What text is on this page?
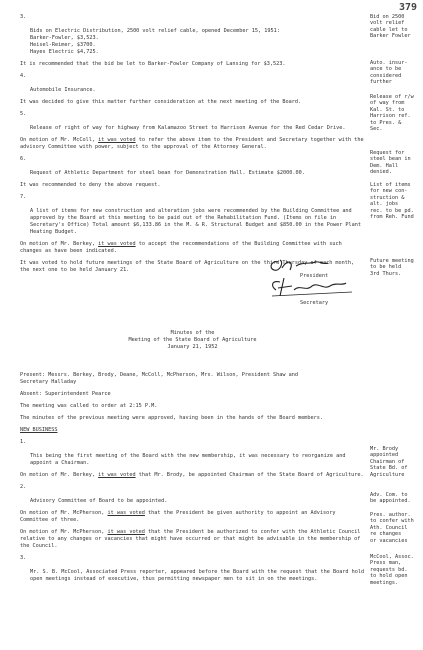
379

3.

Bids on Electric Distribution, 2500 volt relief cable, opened December 15, 1951:
Barker-Fowler, $3,523.
Heisel-Reimer, $3700.
Hayes Electric $4,725.

It is recommended that the bid be let to Barker-Fowler Company of Lansing for $3,523.

4.

Automobile Insurance.

It was decided to give this matter further consideration at the next meeting of the Board.

5.

Release of right of way for highway from Kalamazoo Street to Harrison Avenue for the Red Cedar Drive.

On motion of Mr. McColl, it was voted to refer the above item to the President and Secretary together with the advisory Committee with power, subject to the approval of the Attorney General.

6.

Request of Athletic Department for steel bean for Demonstration Hall. Estimate $2000.00.

It was recommended to deny the above request.

7.

A list of items for new construction and alteration jobs were recommended by the Building Committee and approved by the Board at this meeting to be paid out of the Rehabilitation Fund. (Items on file in Secretary's Office) Total amount $6,133.86 in the M. & R. Structural Budget and $850.00 in the Power Plant Heating Budget.

On motion of Mr. Berkey, it was voted to accept the recommendations of the Building Committee with such changes as have been indicated.
It was voted to hold future meetings of the State Board of Agriculture on the third Thursday of each month, the next one to be held January 21.
President
Secretary
Minutes of the
Meeting of the State Board of Agriculture
January 21, 1952
Present: Messrs. Berkey, Brody, Deane, McColl, McPherson, Mrs. Wilson, President Shaw and
Secretary Halladay
Absent: Superintendent Pearce
The meeting was called to order at 2:15 P.M.
The minutes of the previous meeting were approved, having been in the hands of the Board members.
NEW BUSINESS

1.

This being the first meeting of the Board with the new membership, it was necessary to reorganize and appoint a Chairman.

On motion of Mr. Berkey, it was voted that Mr. Brody, be appointed Chairman of the State Board of Agriculture.

2.

Advisory Committee of Board to be appointed.

On motion of Mr. McPherson, it was voted that the President be given authority to appoint an Advisory Committee of three.
On motion of Mr. McPherson, it was voted that the President be authorized to confer with the Athletic Council relative to any changes or vacancies that might have occurred or that might be advisable in the membership of the Council.

3.

Mr. S. B. McCool, Associated Press reporter, appeared before the Board with the request that the Board hold open meetings instead of executive, thus permitting newspaper men to sit in on the meetings.

Bid on 2500
volt relief
cable let to
Barker Fowler
Auto. insur-
ance to be
considered
further
Release of r/w
of way from
Kal. St. to
Harrison ref.
to Pres. &
Sec.
Request for
steel bean in
Dem. Hall
denied.
List of items
for new con-
struction &
alt. jobs
rec. to be pd.
from Reh. Fund
Future meeting
to be held
3rd Thurs.
Mr. Brody
appointed
Chairman of
State Bd. of
Agriculture
Adv. Com. to
be appointed.
Pres. author.
to confer with
Ath. Council
re changes
or vacancies
McCool, Assoc.
Press man,
requests bd.
to hold open
meetings.
